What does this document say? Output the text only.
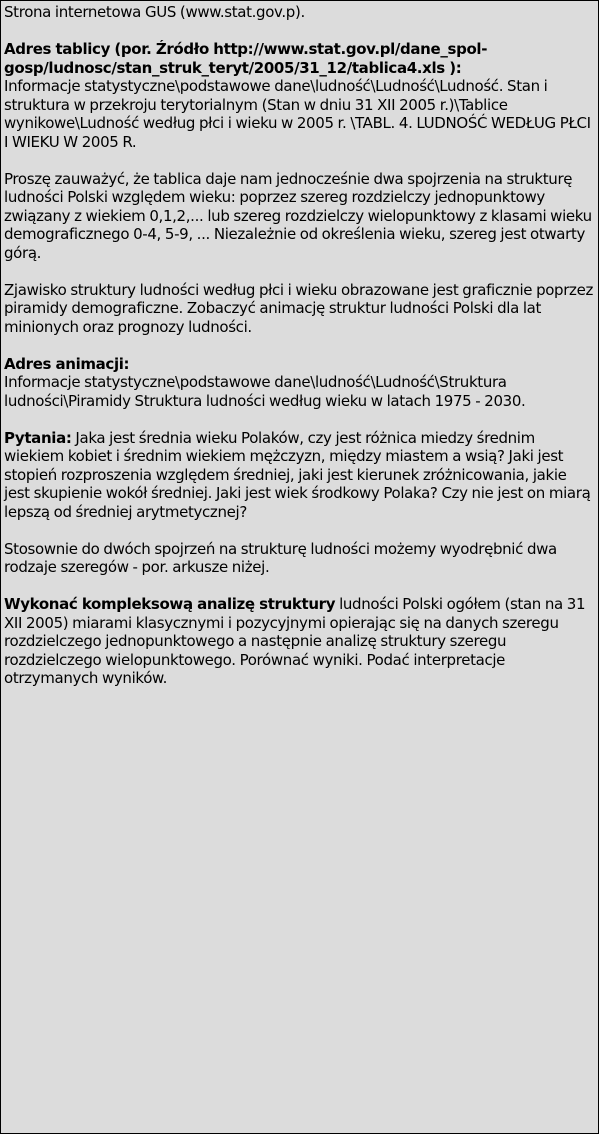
Strona internetowa GUS (www.stat.gov.p).
Adres tablicy (por. Źródło http://www.stat.gov.pl/dane_spol-gosp/ludnosc/stan_struk_teryt/2005/31_12/tablica4.xls ):
Informacje statystyczne\podstawowe dane\ludność\Ludność\Ludność. Stan i struktura w przekroju terytorialnym (Stan w dniu 31 XII 2005 r.)\Tablice wynikowe\Ludność według płci i wieku w 2005 r. \TABL. 4. LUDNOŚĆ WEDŁUG PŁCI I WIEKU W 2005 R.
Proszę zauważyć, że tablica daje nam jednocześnie dwa spojrzenia na strukturę ludności Polski względem wieku: poprzez szereg rozdzielczy jednopunktowy związany z wiekiem 0,1,2,... lub szereg rozdzielczy wielopunktowy z klasami wieku demograficznego 0-4, 5-9, ... Niezależnie od określenia wieku, szereg jest otwarty górą.
Zjawisko struktury ludności według płci i wieku obrazowane jest graficznie poprzez piramidy demograficzne. Zobaczyć animację struktur ludności Polski dla lat minionych oraz prognozy ludności.
Adres animacji:
Informacje statystyczne\podstawowe dane\ludność\Ludność\Struktura ludności\Piramidy Struktura ludności według wieku w latach 1975 - 2030.
Pytania: Jaka jest średnia wieku Polaków, czy jest różnica miedzy średnim wiekiem kobiet i średnim wiekiem mężczyzn, między miastem a wsią? Jaki jest stopień rozproszenia względem średniej, jaki jest kierunek zróżnicowania, jakie jest skupienie wokół średniej. Jaki jest wiek środkowy Polaka? Czy nie jest on miarą lepszą od średniej arytmetycznej?
Stosownie do dwóch spojrzeń na strukturę ludności możemy wyodrębnić dwa rodzaje szeregów - por. arkusze niżej.
Wykonać kompleksową analizę struktury ludności Polski ogółem (stan na 31 XII 2005) miarami klasycznymi i pozycyjnymi opierając się na danych szeregu rozdzielczego jednopunktowego a następnie analizę struktury szeregu rozdzielczego wielopunktowego. Porównać wyniki. Podać interpretacje otrzymanych wyników.
